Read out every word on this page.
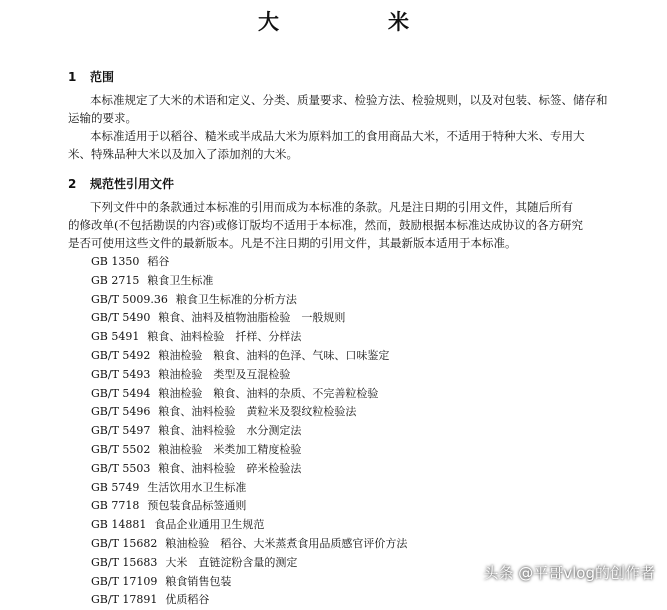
大　米
1 范围
本标准规定了大米的术语和定义、分类、质量要求、检验方法、检验规则，以及对包装、标签、储存和
运输的要求。
本标准适用于以稻谷、糙米或半成品大米为原料加工的食用商品大米，不适用于特种大米、专用大
米、特殊品种大米以及加入了添加剂的大米。
2 规范性引用文件
下列文件中的条款通过本标准的引用而成为本标准的条款。凡是注日期的引用文件，其随后所有
的修改单(不包括勘误的内容)或修订版均不适用于本标准，然而，鼓励根据本标准达成协议的各方研究
是否可使用这些文件的最新版本。凡是不注日期的引用文件，其最新版本适用于本标准。
GB 1350 稻谷
GB 2715 粮食卫生标准
GB/T 5009.36 粮食卫生标准的分析方法
GB/T 5490 粮食、油料及植物油脂检验　一般规则
GB 5491 粮食、油料检验　扦样、分样法
GB/T 5492 粮油检验　粮食、油料的色泽、气味、口味鉴定
GB/T 5493 粮油检验　类型及互混检验
GB/T 5494 粮油检验　粮食、油料的杂质、不完善粒检验
GB/T 5496 粮食、油料检验　黄粒米及裂纹粒检验法
GB/T 5497 粮食、油料检验　水分测定法
GB/T 5502 粮油检验　米类加工精度检验
GB/T 5503 粮食、油料检验　碎米检验法
GB 5749 生活饮用水卫生标准
GB 7718 预包装食品标签通则
GB 14881 食品企业通用卫生规范
GB/T 15682 粮油检验　稻谷、大米蒸煮食用品质感官评价方法
GB/T 15683 大米　直链淀粉含量的测定
GB/T 17109 粮食销售包装
GB/T 17891 优质稻谷
头条 @平哥vlog的创作者
